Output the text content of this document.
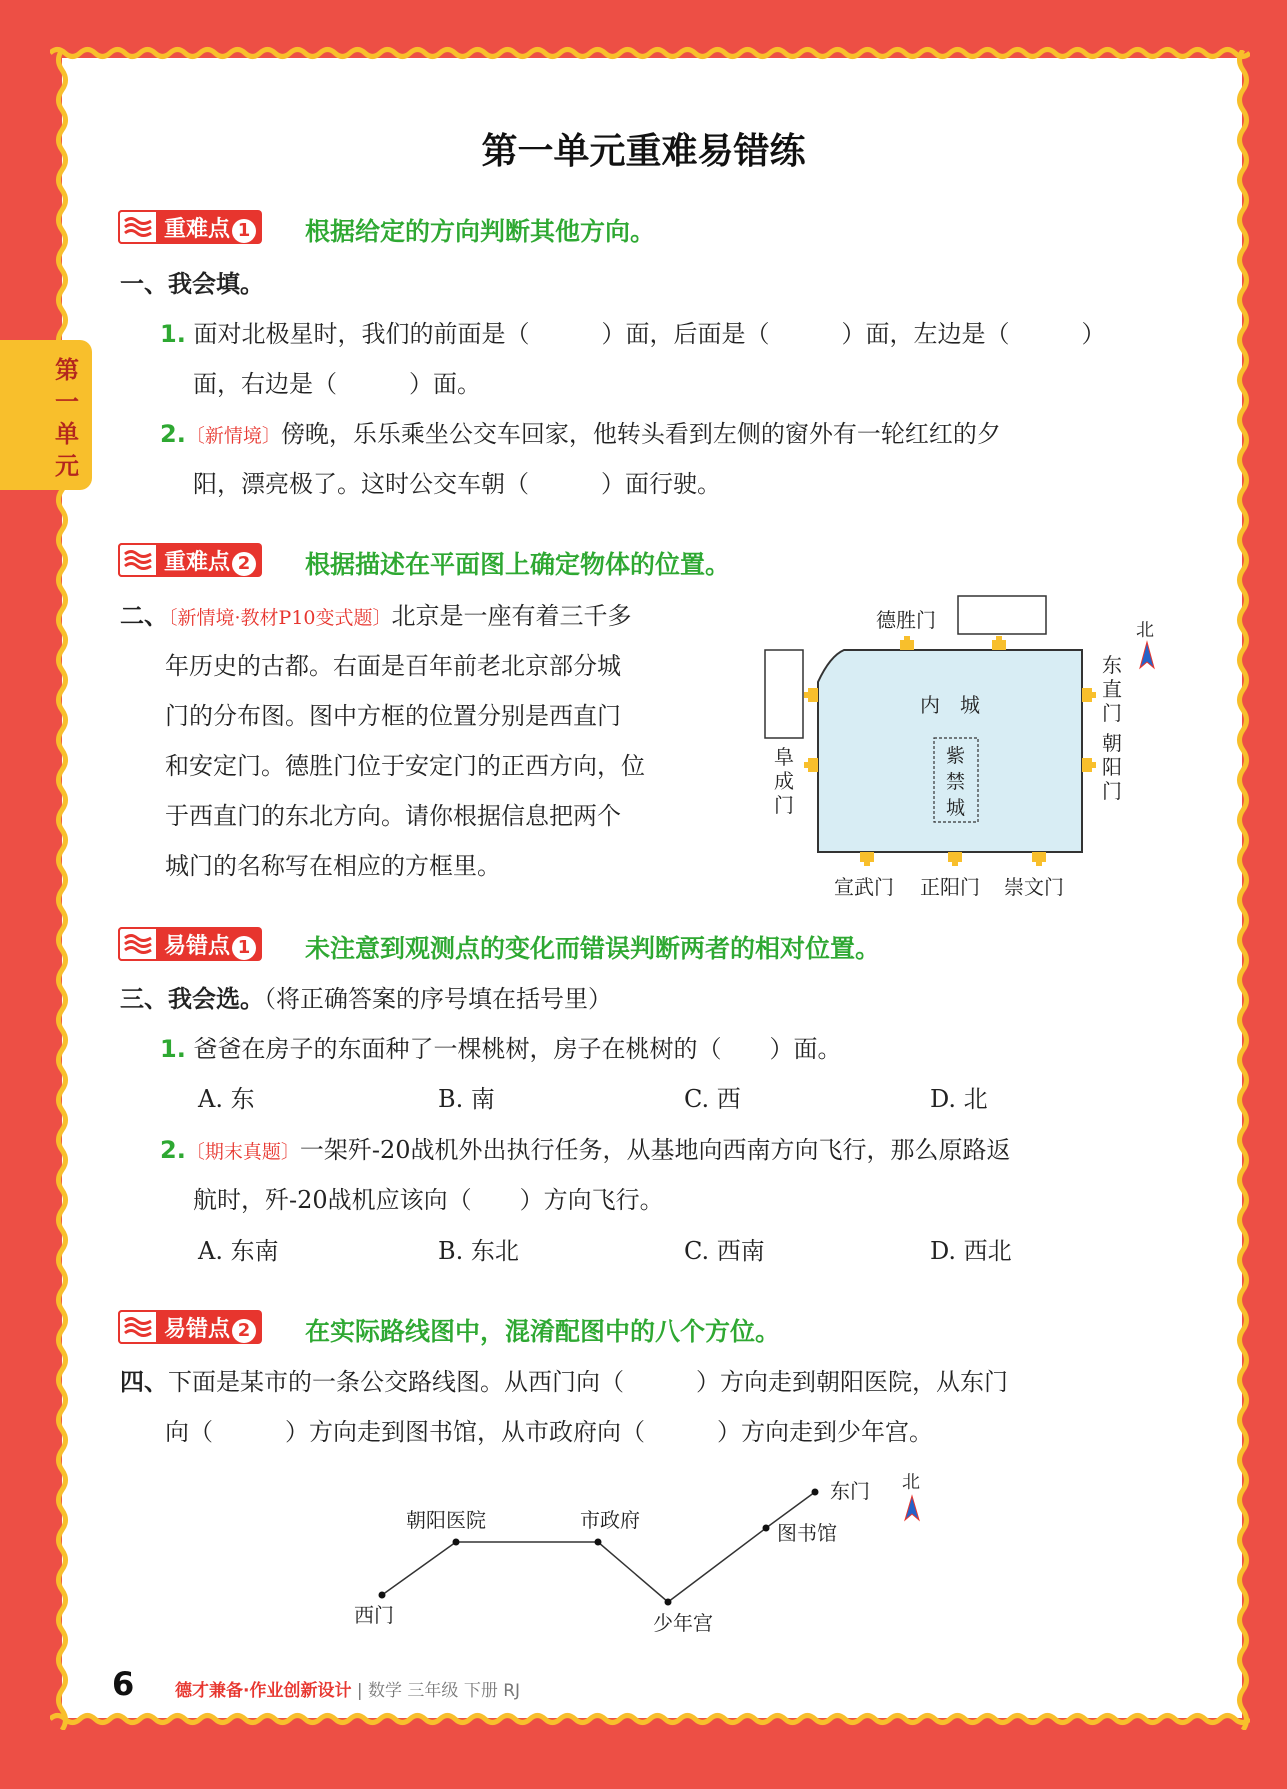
第
一
单
元
第一单元重难易错练
重难点 1	根据给定的方向判断其他方向。
一、我会填。
1. 面对北极星时，我们的前面是（　　　）面，后面是（　　　）面，左边是（　　　）
面，右边是（　　　）面。
2.〔新情境〕傍晚，乐乐乘坐公交车回家，他转头看到左侧的窗外有一轮红红的夕
阳，漂亮极了。这时公交车朝（　　　）面行驶。
重难点 2	根据描述在平面图上确定物体的位置。
二、〔新情境·教材P10变式题〕北京是一座有着三千多
年历史的古都。右面是百年前老北京部分城
门的分布图。图中方框的位置分别是西直门
和安定门。德胜门位于安定门的正西方向，位
于西直门的东北方向。请你根据信息把两个
城门的名称写在相应的方框里。
德胜门
内　城
紫
禁
城
阜
成
门
东
直
门
朝
阳
门
宣武门 正阳门 崇文门
北
易错点 1	未注意到观测点的变化而错误判断两者的相对位置。
三、我会选。（将正确答案的序号填在括号里）
1. 爸爸在房子的东面种了一棵桃树，房子在桃树的（　　）面。
A. 东	B. 南	C. 西	D. 北
2.〔期末真题〕一架歼-20战机外出执行任务，从基地向西南方向飞行，那么原路返
航时，歼-20战机应该向（　　）方向飞行。
A. 东南	B. 东北	C. 西南	D. 西北
易错点 2	在实际路线图中，混淆配图中的八个方位。
四、下面是某市的一条公交路线图。从西门向（　　　）方向走到朝阳医院，从东门
向（　　　）方向走到图书馆，从市政府向（　　　）方向走到少年宫。
西门
朝阳医院	市政府
少年宫
图书馆
东门 北
6 德才兼备·作业创新设计 | 数学 三年级 下册 RJ
